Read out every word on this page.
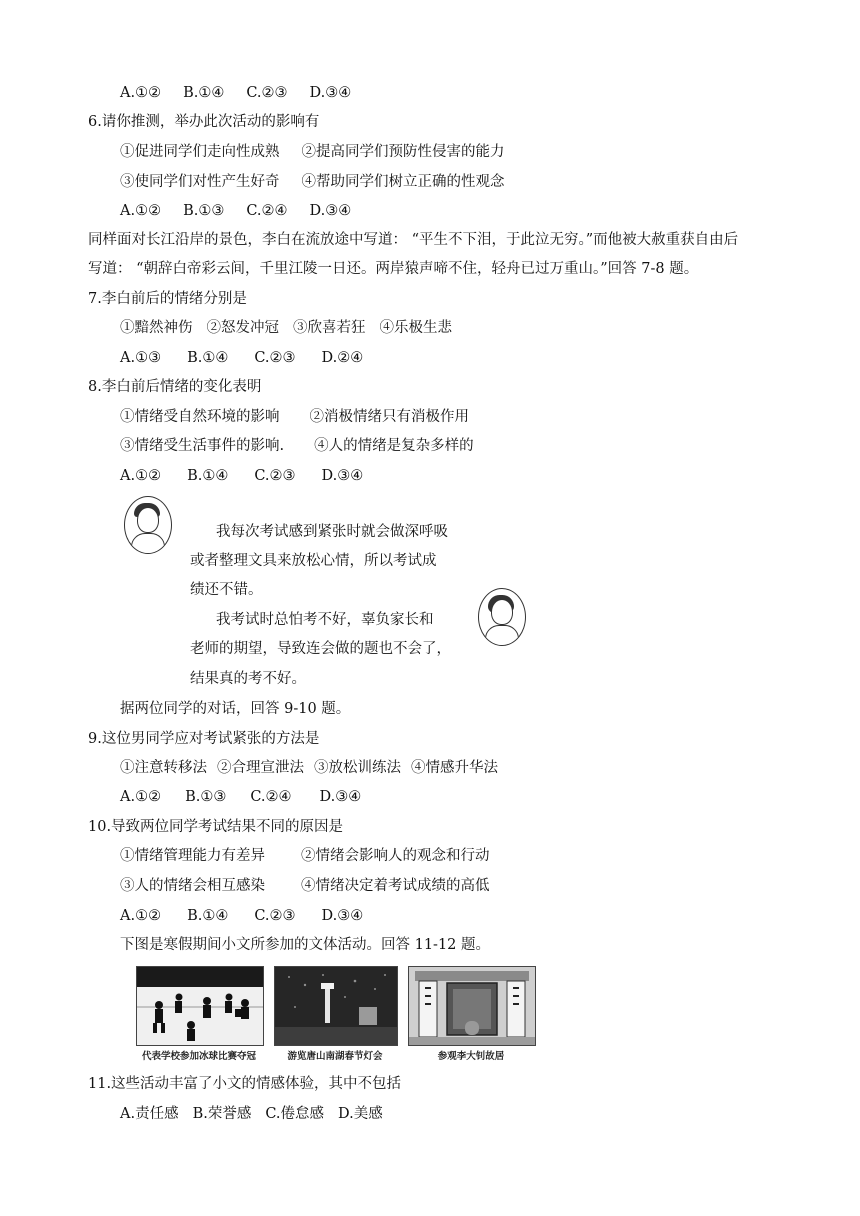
A.①② B.①④ C.②③ D.③④
6.请你推测，举办此次活动的影响有
①促进同学们走向性成熟 ②提高同学们预防性侵害的能力
③使同学们对性产生好奇 ④帮助同学们树立正确的性观念
A.①② B.①③ C.②④ D.③④
同样面对长江沿岸的景色，李白在流放途中写道： “平生不下泪，于此泣无穷。”而他被大赦重获自由后
写道： “朝辞白帝彩云间，千里江陵一日还。两岸猿声啼不住，轻舟已过万重山。”回答 7-8 题。
7.李白前后的情绪分别是
①黯然神伤 ②怒发冲冠 ③欣喜若狂 ④乐极生悲
A.①③ B.①④ C.②③ D.②④
8.李白前后情绪的变化表明
①情绪受自然环境的影响 ②消极情绪只有消极作用
③情绪受生活事件的影响. ④人的情绪是复杂多样的
A.①② B.①④ C.②③ D.③④
我每次考试感到紧张时就会做深呼吸
或者整理文具来放松心情，所以考试成
绩还不错。
我考试时总怕考不好，辜负家长和
老师的期望，导致连会做的题也不会了，
结果真的考不好。
据两位同学的对话，回答 9-10 题。
9.这位男同学应对考试紧张的方法是
①注意转移法 ②合理宣泄法 ③放松训练法 ④情感升华法
A.①② B.①③ C.②④ D.③④
10.导致两位同学考试结果不同的原因是
①情绪管理能力有差异 ②情绪会影响人的观念和行动
③人的情绪会相互感染 ④情绪决定着考试成绩的高低
A.①② B.①④ C.②③ D.③④
下图是寒假期间小文所参加的文体活动。回答 11-12 题。
代表学校参加冰球比赛夺冠	游览唐山南湖春节灯会	参观李大钊故居
11.这些活动丰富了小文的情感体验，其中不包括
A.责任感 B.荣誉感 C.倦怠感 D.美感
